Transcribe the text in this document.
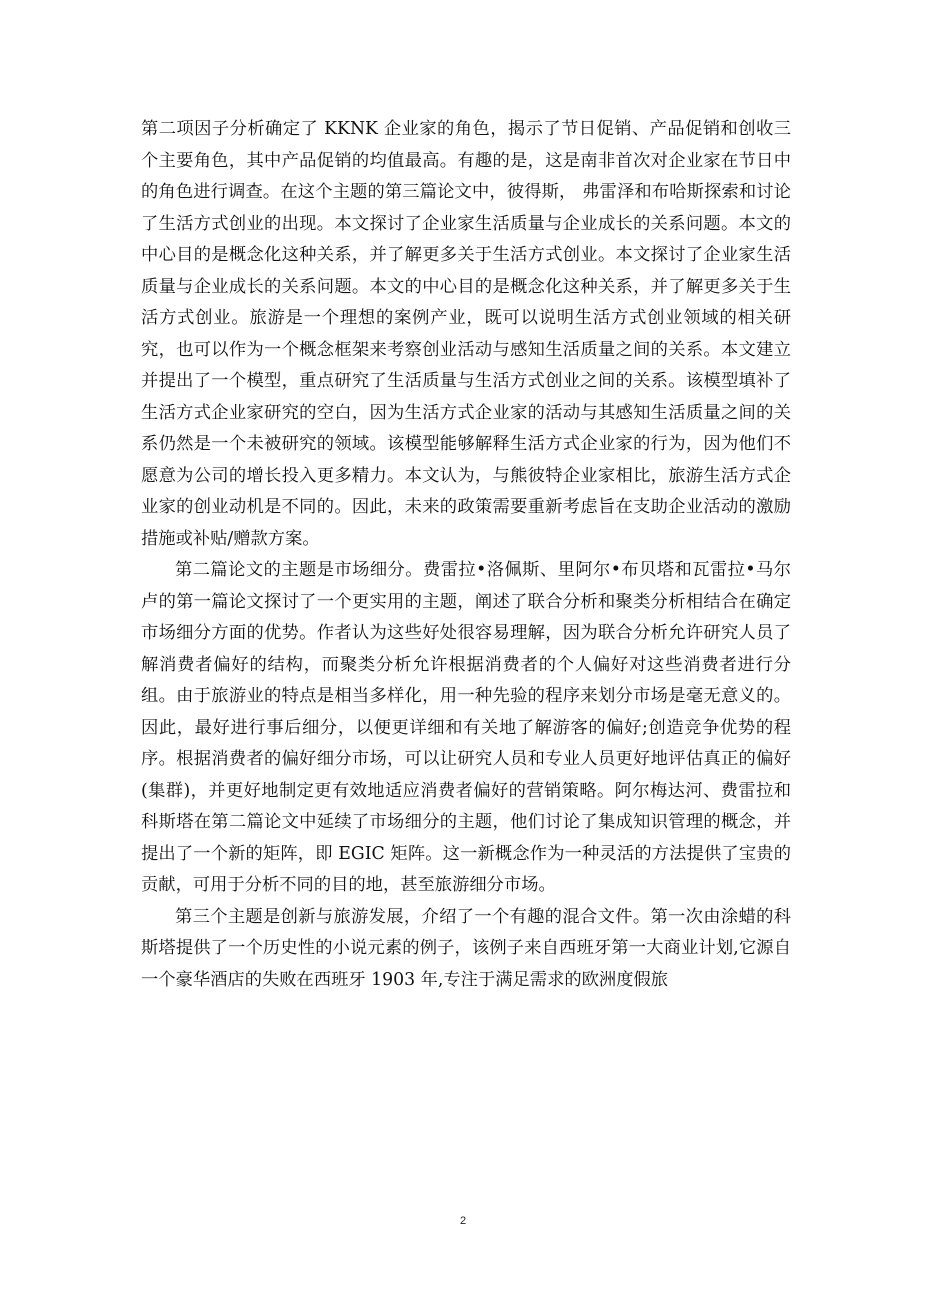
第二项因子分析确定了 KKNK 企业家的角色，揭示了节日促销、产品促销和创收三个主要角色，其中产品促销的均值最高。有趣的是，这是南非首次对企业家在节日中的角色进行调查。在这个主题的第三篇论文中，彼得斯， 弗雷泽和布哈斯探索和讨论了生活方式创业的出现。本文探讨了企业家生活质量与企业成长的关系问题。本文的中心目的是概念化这种关系，并了解更多关于生活方式创业。本文探讨了企业家生活质量与企业成长的关系问题。本文的中心目的是概念化这种关系，并了解更多关于生活方式创业。旅游是一个理想的案例产业，既可以说明生活方式创业领域的相关研究，也可以作为一个概念框架来考察创业活动与感知生活质量之间的关系。本文建立并提出了一个模型，重点研究了生活质量与生活方式创业之间的关系。该模型填补了生活方式企业家研究的空白，因为生活方式企业家的活动与其感知生活质量之间的关系仍然是一个未被研究的领域。该模型能够解释生活方式企业家的行为，因为他们不愿意为公司的增长投入更多精力。本文认为，与熊彼特企业家相比，旅游生活方式企业家的创业动机是不同的。因此，未来的政策需要重新考虑旨在支助企业活动的激励措施或补贴/赠款方案。

第二篇论文的主题是市场细分。费雷拉•洛佩斯、里阿尔•布贝塔和瓦雷拉•马尔卢的第一篇论文探讨了一个更实用的主题，阐述了联合分析和聚类分析相结合在确定市场细分方面的优势。作者认为这些好处很容易理解，因为联合分析允许研究人员了解消费者偏好的结构，而聚类分析允许根据消费者的个人偏好对这些消费者进行分组。由于旅游业的特点是相当多样化，用一种先验的程序来划分市场是毫无意义的。因此，最好进行事后细分，以便更详细和有关地了解游客的偏好;创造竞争优势的程序。根据消费者的偏好细分市场，可以让研究人员和专业人员更好地评估真正的偏好(集群)，并更好地制定更有效地适应消费者偏好的营销策略。阿尔梅达河、费雷拉和科斯塔在第二篇论文中延续了市场细分的主题，他们讨论了集成知识管理的概念，并提出了一个新的矩阵，即 EGIC 矩阵。这一新概念作为一种灵活的方法提供了宝贵的贡献，可用于分析不同的目的地，甚至旅游细分市场。

第三个主题是创新与旅游发展，介绍了一个有趣的混合文件。第一次由涂蜡的科斯塔提供了一个历史性的小说元素的例子，该例子来自西班牙第一大商业计划,它源自一个豪华酒店的失败在西班牙 1903 年,专注于满足需求的欧洲度假旅

2
